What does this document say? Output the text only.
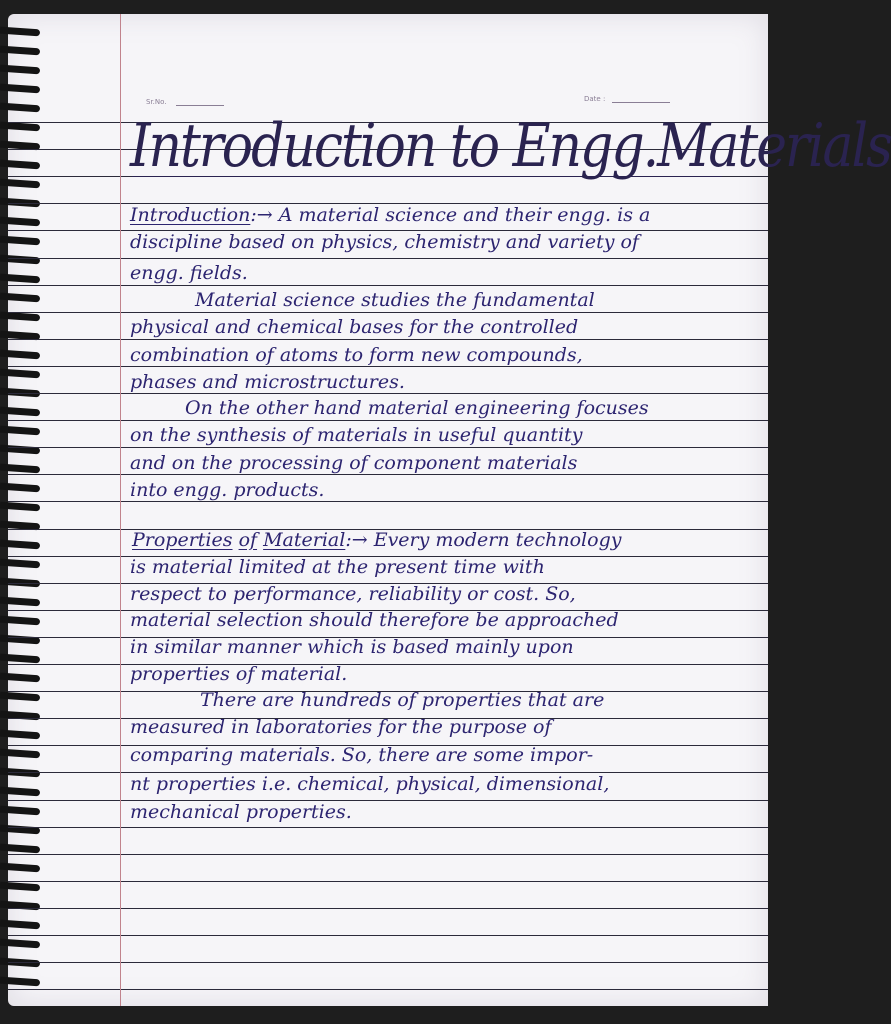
Sr.No.	Date :
Introduction to Engg.Materials
Introduction:→ A material science and their engg. is a
discipline based on physics, chemistry and variety of
engg. fields.
Material science studies the fundamental
physical and chemical bases for the controlled
combination of atoms to form new compounds,
phases and microstructures.
On the other hand material engineering focuses
on the synthesis of materials in useful quantity
and on the processing of component materials
into engg. products.
Properties of Material:→ Every modern technology
is material limited at the present time with
respect to performance, reliability or cost. So,
material selection should therefore be approached
in similar manner which is based mainly upon
properties of material.
There are hundreds of properties that are
measured in laboratories for the purpose of
comparing materials. So, there are some impor-
nt properties i.e. chemical, physical, dimensional,
mechanical properties.
